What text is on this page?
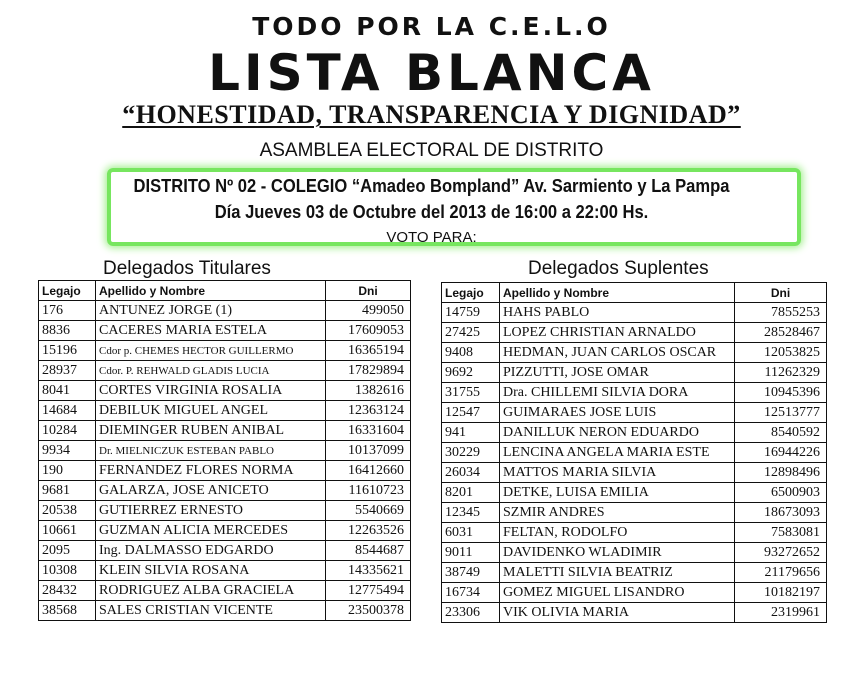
TODO POR LA C.E.L.O
LISTA BLANCA
“HONESTIDAD, TRANSPARENCIA Y DIGNIDAD”
ASAMBLEA ELECTORAL DE DISTRITO
DISTRITO Nº 02 - COLEGIO “Amadeo Bompland” Av. Sarmiento y La Pampa
Día Jueves 03 de Octubre del 2013 de 16:00 a 22:00 Hs.
VOTO PARA:
Delegados Titulares	Delegados Suplentes
Legajo	Apellido y Nombre	Dni
176	ANTUNEZ JORGE (1)	499050
8836	CACERES MARIA ESTELA	17609053
15196	Cdor p. CHEMES HECTOR GUILLERMO	16365194
28937	Cdor. P. REHWALD GLADIS LUCIA	17829894
8041	CORTES VIRGINIA ROSALIA	1382616
14684	DEBILUK MIGUEL ANGEL	12363124
10284	DIEMINGER RUBEN ANIBAL	16331604
9934	Dr. MIELNICZUK ESTEBAN PABLO	10137099
190	FERNANDEZ FLORES NORMA	16412660
9681	GALARZA, JOSE ANICETO	11610723
20538	GUTIERREZ ERNESTO	5540669
10661	GUZMAN ALICIA MERCEDES	12263526
2095	Ing. DALMASSO EDGARDO	8544687
10308	KLEIN SILVIA ROSANA	14335621
28432	RODRIGUEZ ALBA GRACIELA	12775494
38568	SALES CRISTIAN VICENTE	23500378
Legajo	Apellido y Nombre	Dni
14759	HAHS PABLO	7855253
27425	LOPEZ CHRISTIAN ARNALDO	28528467
9408	HEDMAN, JUAN CARLOS OSCAR	12053825
9692	PIZZUTTI, JOSE OMAR	11262329
31755	Dra. CHILLEMI SILVIA DORA	10945396
12547	GUIMARAES JOSE LUIS	12513777
941	DANILLUK NERON EDUARDO	8540592
30229	LENCINA ANGELA MARIA ESTE	16944226
26034	MATTOS MARIA SILVIA	12898496
8201	DETKE, LUISA EMILIA	6500903
12345	SZMIR ANDRES	18673093
6031	FELTAN, RODOLFO	7583081
9011	DAVIDENKO WLADIMIR	93272652
38749	MALETTI SILVIA BEATRIZ	21179656
16734	GOMEZ MIGUEL LISANDRO	10182197
23306	VIK OLIVIA MARIA	2319961
